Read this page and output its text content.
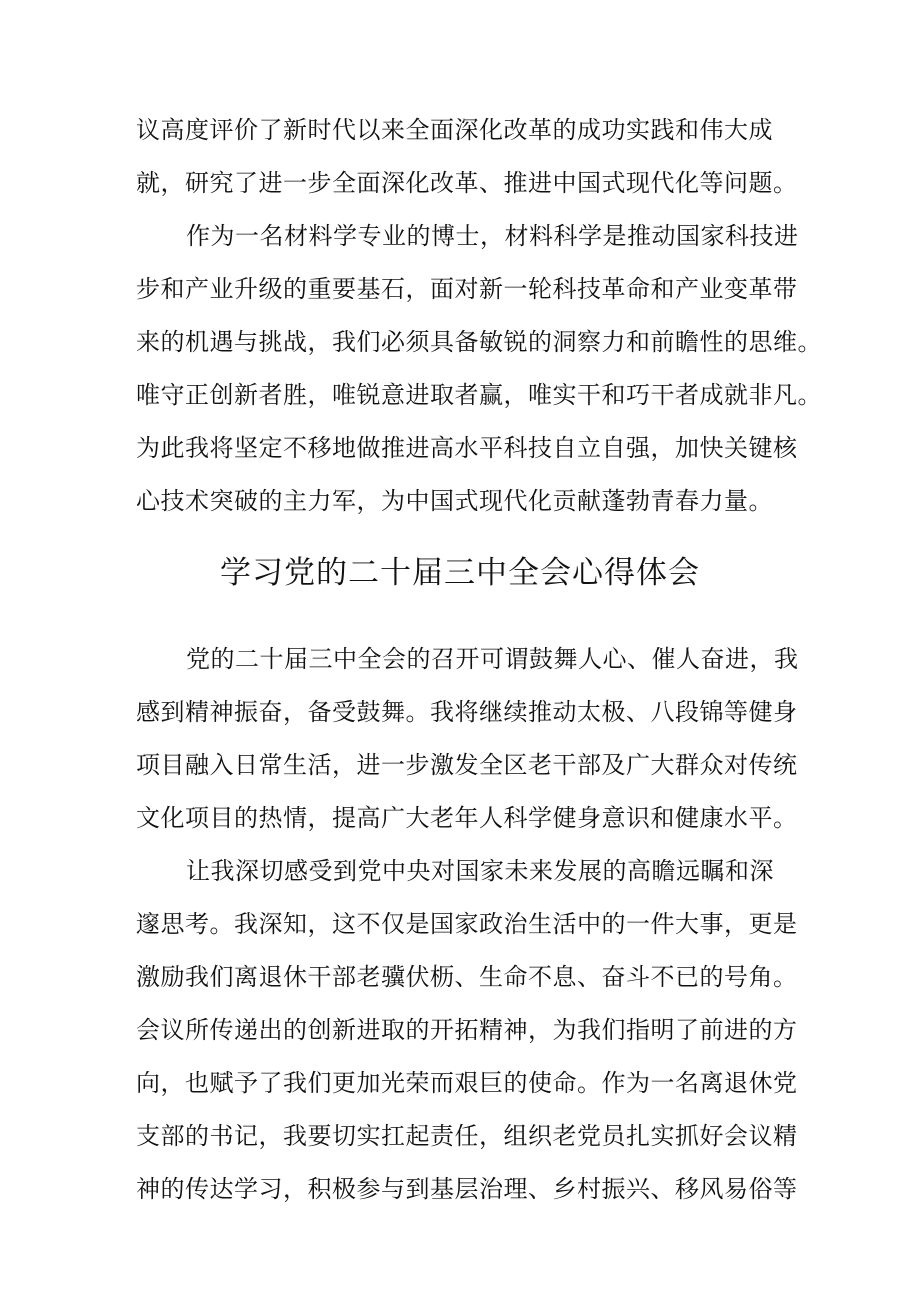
议高度评价了新时代以来全面深化改革的成功实践和伟大成
就，研究了进一步全面深化改革、推进中国式现代化等问题。
作为一名材料学专业的博士，材料科学是推动国家科技进
步和产业升级的重要基石，面对新一轮科技革命和产业变革带
来的机遇与挑战，我们必须具备敏锐的洞察力和前瞻性的思维。
唯守正创新者胜，唯锐意进取者赢，唯实干和巧干者成就非凡。
为此我将坚定不移地做推进高水平科技自立自强，加快关键核
心技术突破的主力军，为中国式现代化贡献蓬勃青春力量。
学习党的二十届三中全会心得体会
党的二十届三中全会的召开可谓鼓舞人心、催人奋进，我
感到精神振奋，备受鼓舞。我将继续推动太极、八段锦等健身
项目融入日常生活，进一步激发全区老干部及广大群众对传统
文化项目的热情，提高广大老年人科学健身意识和健康水平。
让我深切感受到党中央对国家未来发展的高瞻远瞩和深
邃思考。我深知，这不仅是国家政治生活中的一件大事，更是
激励我们离退休干部老骥伏枥、生命不息、奋斗不已的号角。
会议所传递出的创新进取的开拓精神，为我们指明了前进的方
向，也赋予了我们更加光荣而艰巨的使命。作为一名离退休党
支部的书记，我要切实扛起责任，组织老党员扎实抓好会议精
神的传达学习，积极参与到基层治理、乡村振兴、移风易俗等
